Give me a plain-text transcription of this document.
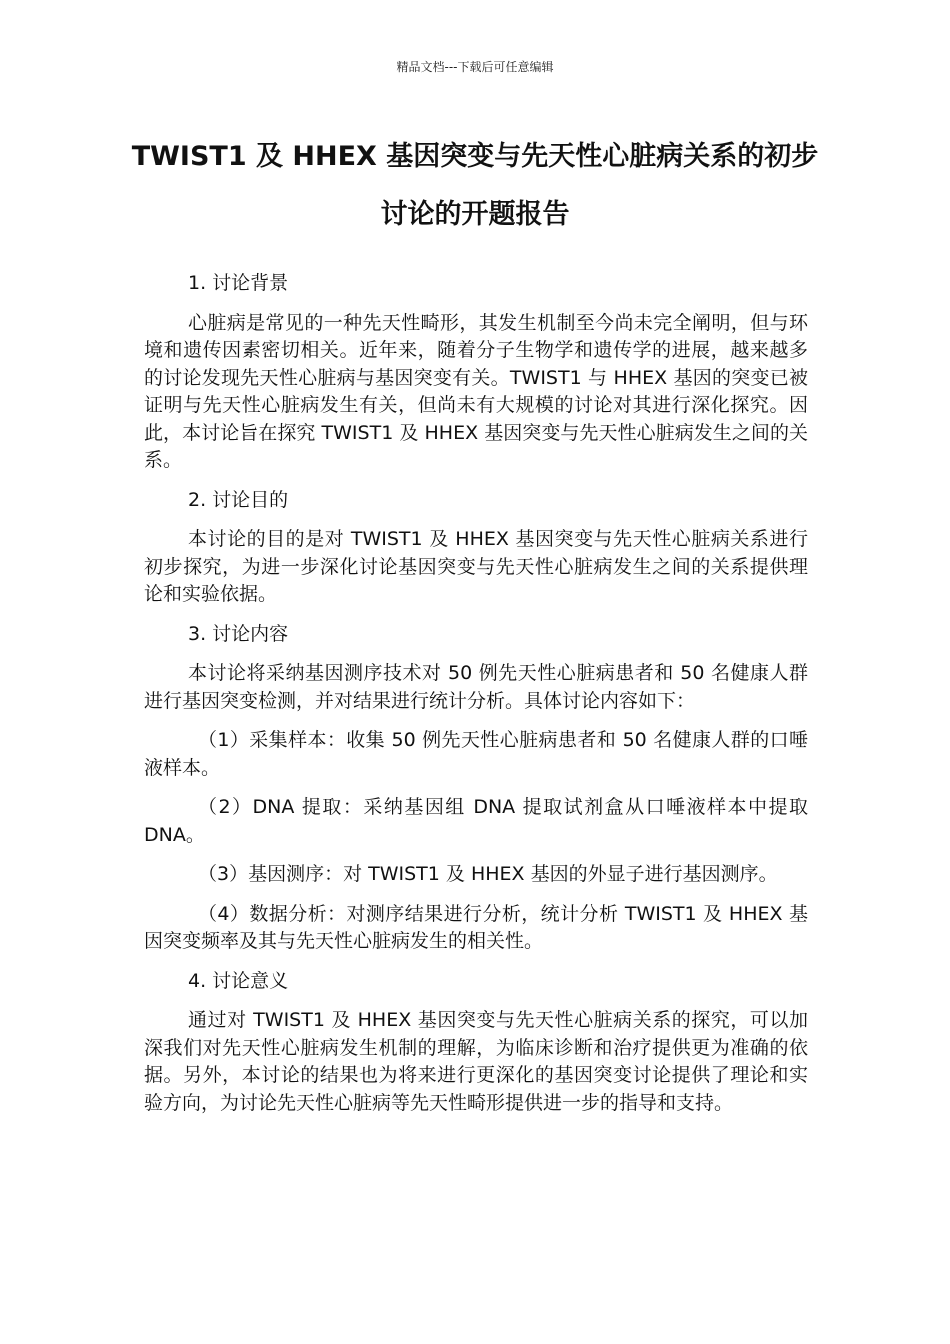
精品文档---下载后可任意编辑
TWIST1 及 HHEX 基因突变与先天性心脏病关系的初步讨论的开题报告
1. 讨论背景
心脏病是常见的一种先天性畸形，其发生机制至今尚未完全阐明，但与环境和遗传因素密切相关。近年来，随着分子生物学和遗传学的进展，越来越多的讨论发现先天性心脏病与基因突变有关。TWIST1 与 HHEX 基因的突变已被证明与先天性心脏病发生有关，但尚未有大规模的讨论对其进行深化探究。因此，本讨论旨在探究 TWIST1 及 HHEX 基因突变与先天性心脏病发生之间的关系。
2. 讨论目的
本讨论的目的是对 TWIST1 及 HHEX 基因突变与先天性心脏病关系进行初步探究，为进一步深化讨论基因突变与先天性心脏病发生之间的关系提供理论和实验依据。
3. 讨论内容
本讨论将采纳基因测序技术对 50 例先天性心脏病患者和 50 名健康人群进行基因突变检测，并对结果进行统计分析。具体讨论内容如下：
（1）采集样本：收集 50 例先天性心脏病患者和 50 名健康人群的口唾液样本。
（2）DNA 提取：采纳基因组 DNA 提取试剂盒从口唾液样本中提取 DNA。
（3）基因测序：对 TWIST1 及 HHEX 基因的外显子进行基因测序。
（4）数据分析：对测序结果进行分析，统计分析 TWIST1 及 HHEX 基因突变频率及其与先天性心脏病发生的相关性。
4. 讨论意义
通过对 TWIST1 及 HHEX 基因突变与先天性心脏病关系的探究，可以加深我们对先天性心脏病发生机制的理解，为临床诊断和治疗提供更为准确的依据。另外，本讨论的结果也为将来进行更深化的基因突变讨论提供了理论和实验方向，为讨论先天性心脏病等先天性畸形提供进一步的指导和支持。
